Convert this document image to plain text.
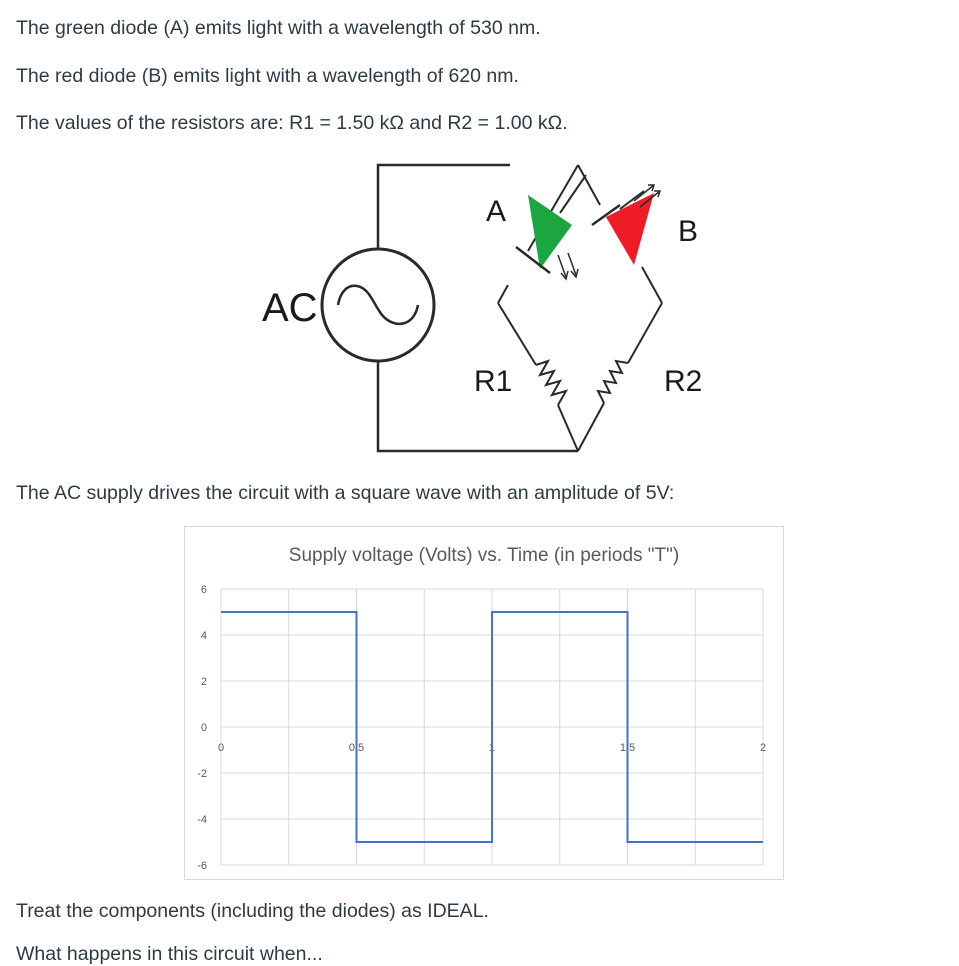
The green diode (A) emits light with a wavelength of 530 nm.
The red diode (B) emits light with a wavelength of 620 nm.
The values of the resistors are: R1 = 1.50 kΩ and R2 = 1.00 kΩ.
AC
A
B
R1	R2
The AC supply drives the circuit with a square wave with an amplitude of 5V:
Supply voltage (Volts) vs. Time (in periods "T")
6
4
2
0
-2
-4
-6
0	0.5	1	1.5	2
Treat the components (including the diodes) as IDEAL.
What happens in this circuit when...
